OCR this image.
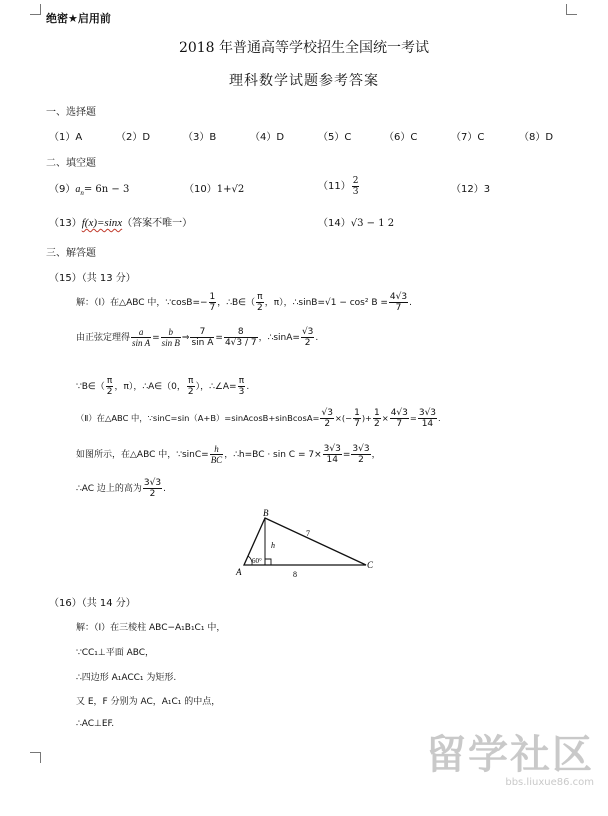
绝密★启用前
2018 年普通高等学校招生全国统一考试
理科数学试题参考答案
一、选择题
（1）A	（2）D	（3）B	（4）D	（5）C	（6）C	（7）C	（8）D
二、填空题
$(9)a_n= 6n - 3$	（10）1+√2	$(11) \frac{2}{3}$	（12）3
（13）f(x)=sinx（答案不唯一）	（14）√3 − 1 2
三、解答题
（15）（共 13 分）
解：（Ⅰ）在△ABC 中，∵cosB=− $\frac{1}{7}$ ，∴B∈（ $\frac{\pi}{2}$ ，π），∴sinB=√1 − cos² $B = \frac{4√3}{7}$ .
由正弦定理得 $\frac{a}{\text{sin A}} = \frac{b}{\text{sin B}}$ ⇒ $\frac{7}{\text{sin A}} = \frac{8}{4√3 / 7}$ ，∴sinA= $\frac{√3}{2}$ .
∵B∈（ $\frac{\pi}{2}$ ，π），∴A∈（0， $\frac{\pi}{2}$ ），∴∠A= $\frac{\pi}{3}$ .
（Ⅱ）在△ABC 中，∵sinC=sin（A+B）=sinAcosB+sinBcosA= $\frac{√3}{2}$ ×(− $\frac{1}{7}$ )+ $\frac{1}{2} \times \frac{4√3}{7} = \frac{3√3}{14}$ .
如图所示，在△ABC 中，∵sinC= $\frac{h}{BC}$ ，∴h=BC · $\sin C = 7\times \frac{3√3}{14} = \frac{3√3}{2}$ ，
∴AC 边上的高为 $\frac{3√3}{2}$ .
B
A
C
h
60°
7
8
（16）（共 14 分）
解：（Ⅰ）在三棱柱 ABC−A₁B₁C₁ 中，
∵CC₁⊥平面 ABC，
∴四边形 A₁ACC₁ 为矩形.
又 E，F 分别为 AC，A₁C₁ 的中点，
∴AC⊥EF.
留学社区
bbs.liuxue86.com
